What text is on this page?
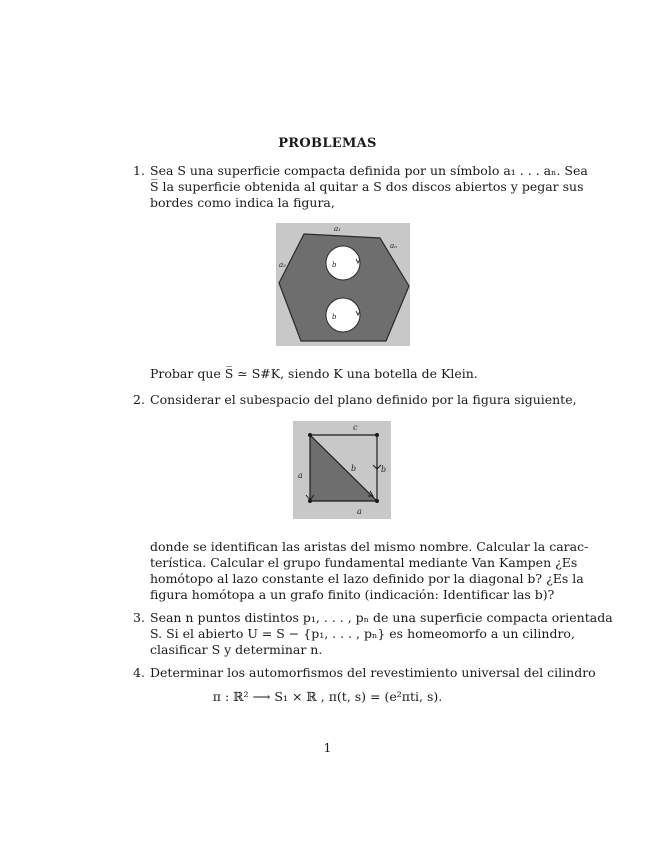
PROBLEMAS
1. Sea S una superficie compacta definida por un símbolo a₁ . . . aₙ. Sea
S̅ la superficie obtenida al quitar a S dos discos abiertos y pegar sus
bordes como indica la figura,
a₁
aₙ
a₂	b
b
Probar que S̅ ≃ S#K, siendo K una botella de Klein.
2. Considerar el subespacio del plano definido por la figura siguiente,
c
b
b
a
a
donde se identifican las aristas del mismo nombre. Calcular la carac-
terística. Calcular el grupo fundamental mediante Van Kampen ¿Es
homótopo al lazo constante el lazo definido por la diagonal b? ¿Es la
figura homótopa a un grafo finito (indicación: Identificar las b)?
3. Sean n puntos distintos p₁, . . . , pₙ de una superficie compacta orientada
S. Si el abierto U = S − {p₁, . . . , pₙ} es homeomorfo a un cilindro,
clasificar S y determinar n.
4. Determinar los automorfismos del revestimiento universal del cilindro
π : ℝ² ⟶ S₁ × ℝ , π(t, s) = (e²πti, s).
1
